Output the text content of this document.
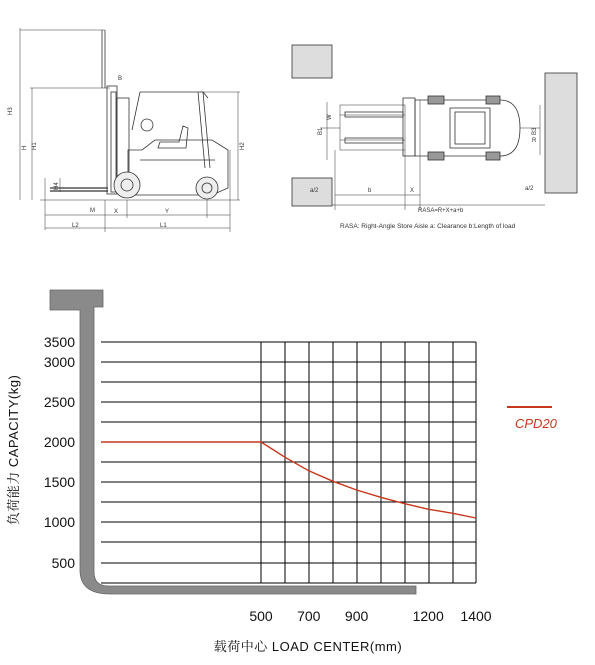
H3
H1
H
H4
H2
B
M	X	Y
L2	L1
a/2	b	X	a/2
B1
W
B3
R
RASA=R+X+a+b
RASA: Right-Angle Store Aisle a: Clearance b:Length of load
3500
3000
2500
2000
1500
1000
500
500 700 900	1200 1400
负荷能力 CAPACITY(kg)
载荷中心 LOAD CENTER(mm)
CPD20
